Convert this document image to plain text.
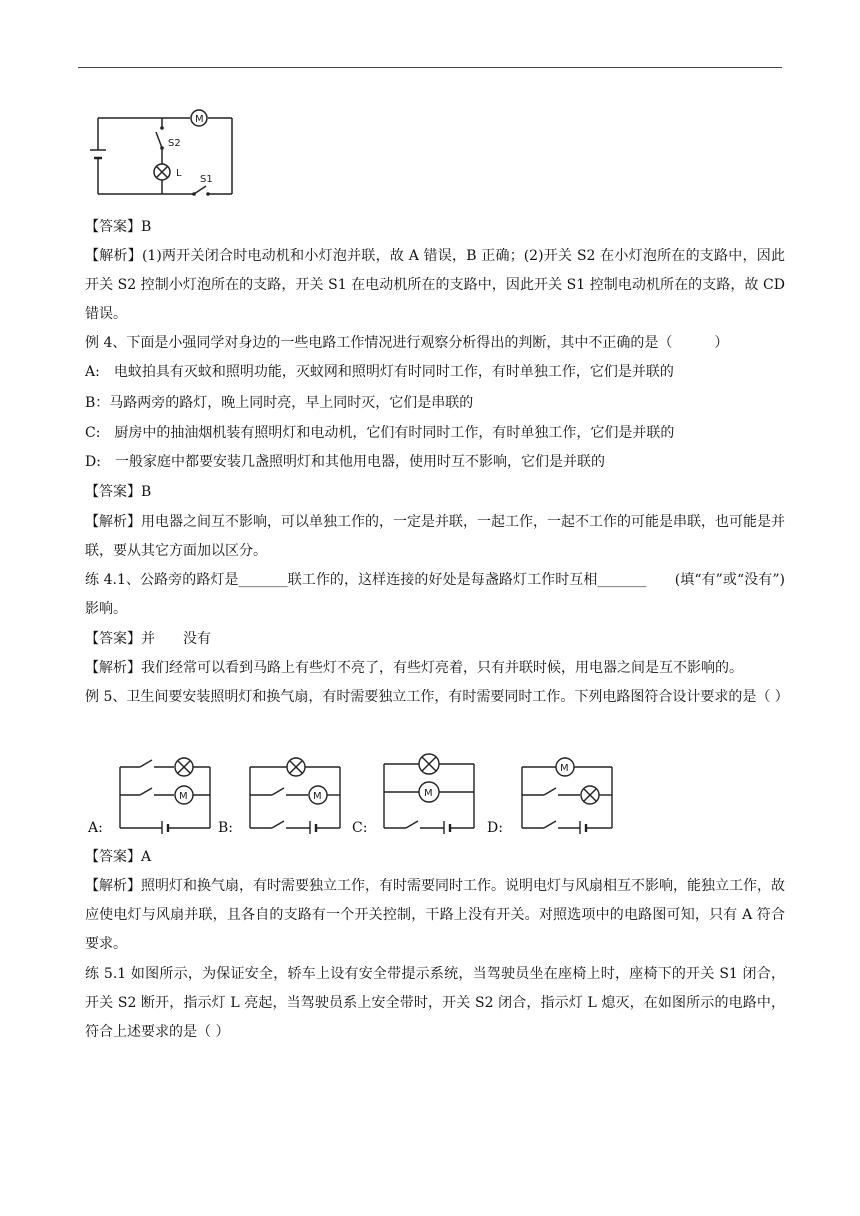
M
S2
L
S1

【答案】B

【解析】(1)两开关闭合时电动机和小灯泡并联，故 A 错误，B 正确；(2)开关 S2 在小灯泡所在的支路中，因此开关 S2 控制小灯泡所在的支路，开关 S1 在电动机所在的支路中，因此开关 S1 控制电动机所在的支路，故 CD 错误。

例 4、下面是小强同学对身边的一些电路工作情况进行观察分析得出的判断，其中不正确的是（　　　）

A:　电蚊拍具有灭蚊和照明功能，灭蚊网和照明灯有时同时工作，有时单独工作，它们是并联的

B：马路两旁的路灯，晚上同时亮，早上同时灭，它们是串联的

C:　厨房中的抽油烟机装有照明灯和电动机，它们有时同时工作，有时单独工作，它们是并联的

D:　一般家庭中都要安装几盏照明灯和其他用电器，使用时互不影响，它们是并联的

【答案】B

【解析】用电器之间互不影响，可以单独工作的，一定是并联，一起工作，一起不工作的可能是串联，也可能是并联，要从其它方面加以区分。

练 4.1、公路旁的路灯是_______联工作的，这样连接的好处是每盏路灯工作时互相_______　　(填“有”或“没有”)影响。

【答案】并　　没有

【解析】我们经常可以看到马路上有些灯不亮了，有些灯亮着，只有并联时候，用电器之间是互不影响的。

例 5、卫生间要安装照明灯和换气扇，有时需要独立工作，有时需要同时工作。下列电路图符合设计要求的是（ ）

M
A:
M
B:
M
C:
M
D:

【答案】A

【解析】照明灯和换气扇，有时需要独立工作，有时需要同时工作。说明电灯与风扇相互不影响，能独立工作，故应使电灯与风扇并联，且各自的支路有一个开关控制，干路上没有开关。对照选项中的电路图可知，只有 A 符合要求。

练 5.1 如图所示，为保证安全，轿车上设有安全带提示系统，当驾驶员坐在座椅上时，座椅下的开关 S1 闭合，开关 S2 断开，指示灯 L 亮起，当驾驶员系上安全带时，开关 S2 闭合，指示灯 L 熄灭，在如图所示的电路中，符合上述要求的是（ ）
